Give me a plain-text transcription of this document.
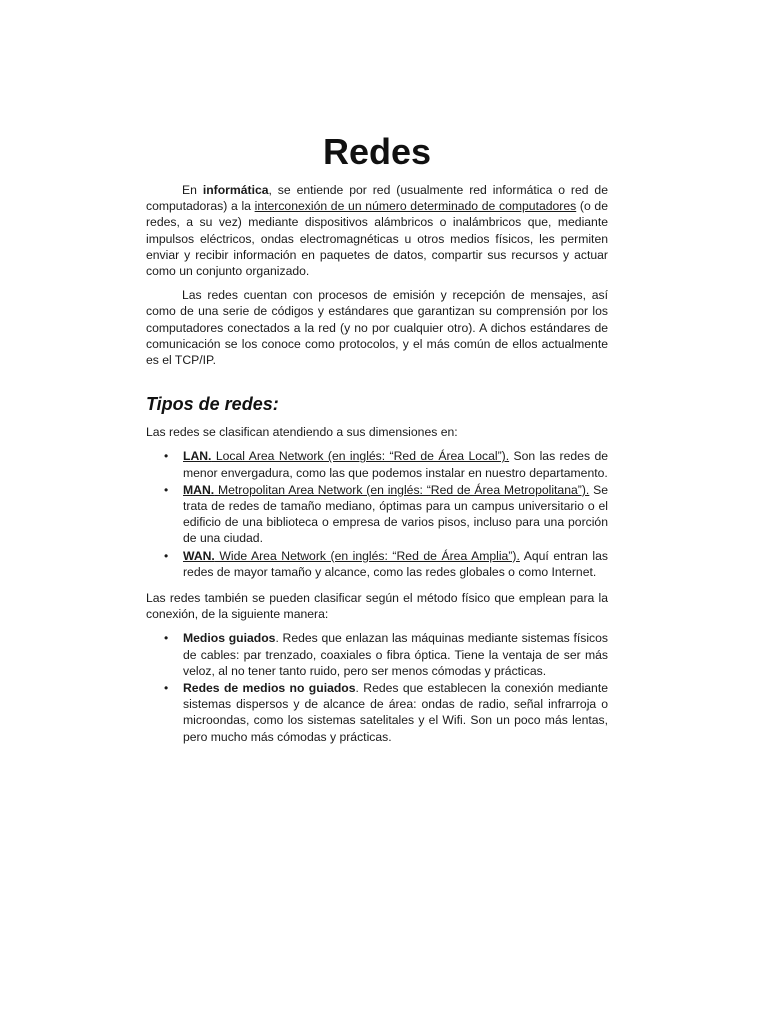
Redes

En informática, se entiende por red (usualmente red informática o red de computadoras) a la interconexión de un número determinado de computadores (o de redes, a su vez) mediante dispositivos alámbricos o inalámbricos que, mediante impulsos eléctricos, ondas electromagnéticas u otros medios físicos, les permiten enviar y recibir información en paquetes de datos, compartir sus recursos y actuar como un conjunto organizado.

Las redes cuentan con procesos de emisión y recepción de mensajes, así como de una serie de códigos y estándares que garantizan su comprensión por los computadores conectados a la red (y no por cualquier otro). A dichos estándares de comunicación se los conoce como protocolos, y el más común de ellos actualmente es el TCP/IP.

Tipos de redes:

Las redes se clasifican atendiendo a sus dimensiones en:

• LAN. Local Area Network (en inglés: “Red de Área Local”). Son las redes de menor envergadura, como las que podemos instalar en nuestro departamento.
• MAN. Metropolitan Area Network (en inglés: “Red de Área Metropolitana”). Se trata de redes de tamaño mediano, óptimas para un campus universitario o el edificio de una biblioteca o empresa de varios pisos, incluso para una porción de una ciudad.
• WAN. Wide Area Network (en inglés: “Red de Área Amplia”). Aquí entran las redes de mayor tamaño y alcance, como las redes globales o como Internet.

Las redes también se pueden clasificar según el método físico que emplean para la conexión, de la siguiente manera:

• Medios guiados. Redes que enlazan las máquinas mediante sistemas físicos de cables: par trenzado, coaxiales o fibra óptica. Tiene la ventaja de ser más veloz, al no tener tanto ruido, pero ser menos cómodas y prácticas.
• Redes de medios no guiados. Redes que establecen la conexión mediante sistemas dispersos y de alcance de área: ondas de radio, señal infrarroja o microondas, como los sistemas satelitales y el Wifi. Son un poco más lentas, pero mucho más cómodas y prácticas.
